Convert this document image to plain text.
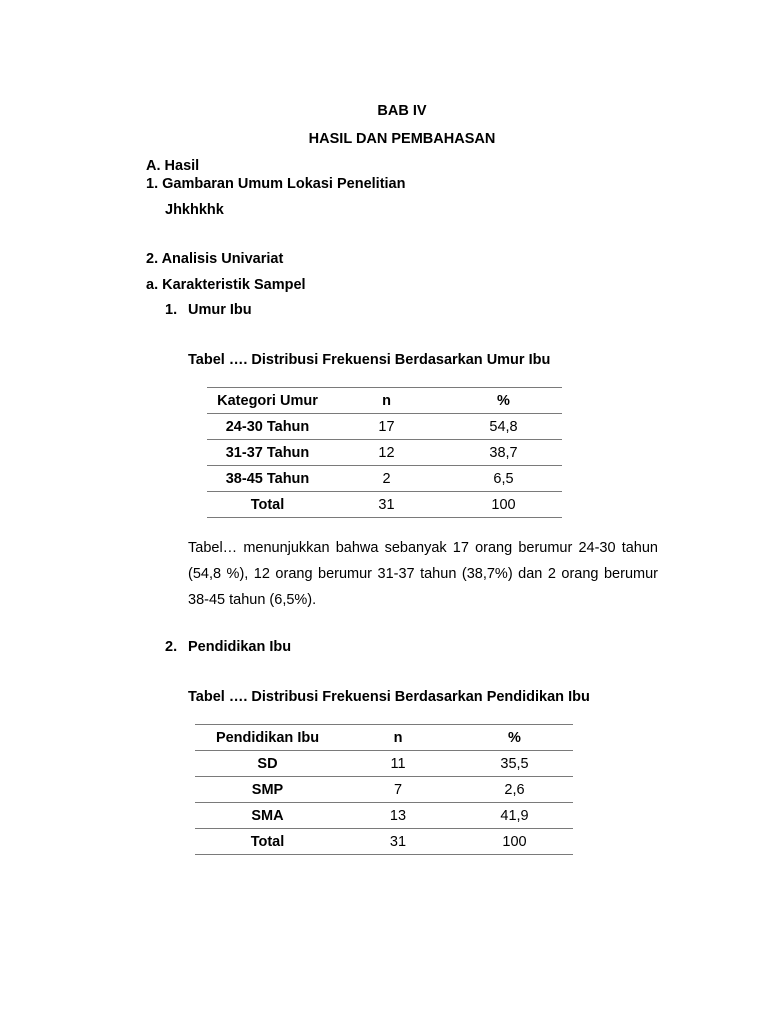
BAB IV
HASIL DAN PEMBAHASAN
A. Hasil
1. Gambaran Umum Lokasi Penelitian
Jhkhkhk
2. Analisis Univariat
a. Karakteristik Sampel
1. Umur Ibu
Tabel …. Distribusi Frekuensi Berdasarkan Umur Ibu
Kategori Umur	n	%
24-30 Tahun	17	54,8
31-37 Tahun	12	38,7
38-45 Tahun	2	6,5
Total	31	100
Tabel… menunjukkan bahwa sebanyak 17 orang berumur 24-30 tahun (54,8 %), 12 orang berumur 31-37 tahun (38,7%) dan 2 orang berumur 38-45 tahun (6,5%).
2. Pendidikan Ibu
Tabel …. Distribusi Frekuensi Berdasarkan Pendidikan Ibu
Pendidikan Ibu	n	%
SD	11	35,5
SMP	7	2,6
SMA	13	41,9
Total	31	100
